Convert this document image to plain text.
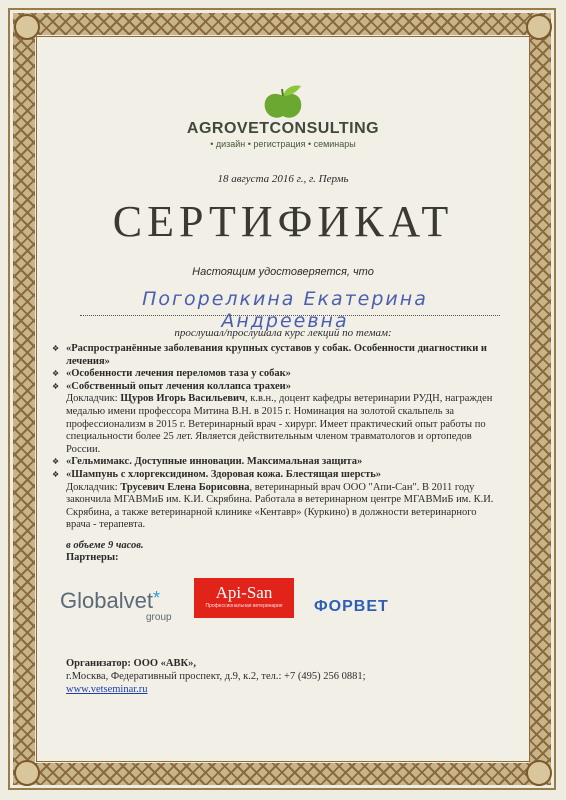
AGROVETCONSULTING
• дизайн • регистрация • семинары
18 августа 2016 г., г. Пермь
СЕРТИФИКАТ
Настоящим удостоверяется, что
Погорелкина Екатерина Андреевна
прослушал/прослушала курс лекций по темам:
❖ «Распространённые заболевания крупных суставов у собак. Особенности диагностики и лечения»
❖ «Особенности лечения переломов таза у собак»
❖ «Собственный опыт лечения коллапса трахеи»
Докладчик: Щуров Игорь Васильевич, к.в.н., доцент кафедры ветеринарии РУДН, награжден медалью имени профессора Митина В.Н. в 2015 г. Номинация на золотой скальпель за профессионализм в 2015 г. Ветеринарный врач - хирург. Имеет практический опыт работы по специальности более 25 лет. Является действительным членом травматологов и ортопедов России.
❖ «Гельмимакс. Доступные инновации. Максимальная защита»
❖ «Шампунь с хлоргексидином. Здоровая кожа. Блестящая шерсть»
Докладчик: Трусевич Елена Борисовна, ветеринарный врач ООО "Апи-Сан". В 2011 году закончила МГАВМиБ им. К.И. Скрябина. Работала в ветеринарном центре МГАВМиБ им. К.И. Скрябина, а также ветеринарной клинике «Кентавр» (Куркино) в должности ветеринарного врача - терапевта.
в объеме 9 часов.
Партнеры:
Globalvet*
group
Api-San
Профессиональная ветеринария	ФОРВЕТ
Организатор: ООО «АВК»,
г.Москва, Федеративный проспект, д.9, к.2, тел.: +7 (495) 256 0881;
www.vetseminar.ru
